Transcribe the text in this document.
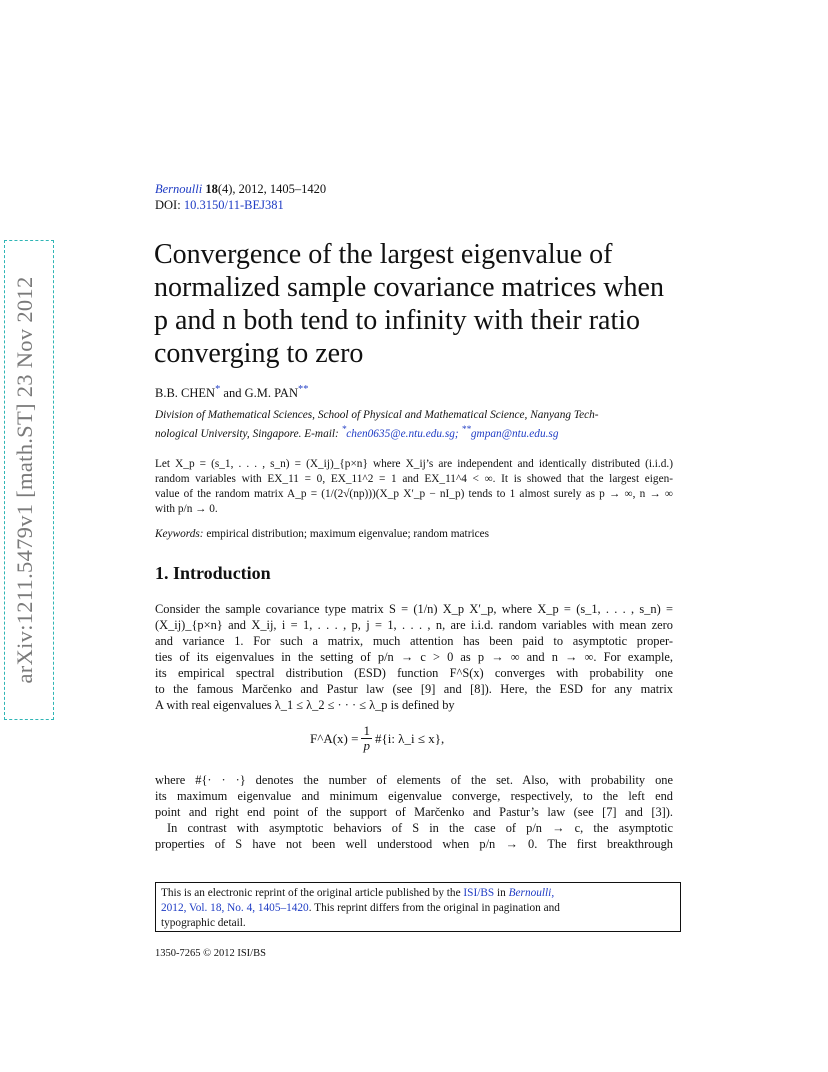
arXiv:1211.5479v1 [math.ST] 23 Nov 2012
Bernoulli 18(4), 2012, 1405–1420
DOI: 10.3150/11-BEJ381
Convergence of the largest eigenvalue of
normalized sample covariance matrices when
p and n both tend to infinity with their ratio
converging to zero
B.B. CHEN* and G.M. PAN**
Division of Mathematical Sciences, School of Physical and Mathematical Science, Nanyang Tech-
nological University, Singapore. E-mail: *chen0635@e.ntu.edu.sg; **gmpan@ntu.edu.sg
Let X_p = (s_1, . . . , s_n) = (X_ij)_{p×n} where X_ij’s are independent and identically distributed (i.i.d.)
random variables with EX_11 = 0, EX_11^2 = 1 and EX_11^4 < ∞. It is showed that the largest eigen-
value of the random matrix A_p = (1/(2√(np)))(X_p X′_p − nI_p) tends to 1 almost surely as p → ∞, n → ∞
with p/n → 0.
Keywords: empirical distribution; maximum eigenvalue; random matrices
1. Introduction
Consider the sample covariance type matrix S = (1/n) X_p X′_p, where X_p = (s_1, . . . , s_n) =
(X_ij)_{p×n} and X_ij, i = 1, . . . , p, j = 1, . . . , n, are i.i.d. random variables with mean zero
and variance 1. For such a matrix, much attention has been paid to asymptotic proper-
ties of its eigenvalues in the setting of p/n → c > 0 as p → ∞ and n → ∞. For example,
its empirical spectral distribution (ESD) function F^S(x) converges with probability one
to the famous Marčenko and Pastur law (see [9] and [8]). Here, the ESD for any matrix
A with real eigenvalues λ_1 ≤ λ_2 ≤ · · · ≤ λ_p is defined by
F^A(x) = $\frac{1}{p}$ #{i: λ_i ≤ x},
where #{· · ·} denotes the number of elements of the set. Also, with probability one
its maximum eigenvalue and minimum eigenvalue converge, respectively, to the left end
point and right end point of the support of Marčenko and Pastur’s law (see [7] and [3]).
In contrast with asymptotic behaviors of S in the case of p/n → c, the asymptotic
properties of S have not been well understood when p/n → 0. The first breakthrough
This is an electronic reprint of the original article published by the ISI/BS in Bernoulli,
2012, Vol. 18, No. 4, 1405–1420. This reprint differs from the original in pagination and
typographic detail.
1350-7265 © 2012 ISI/BS
